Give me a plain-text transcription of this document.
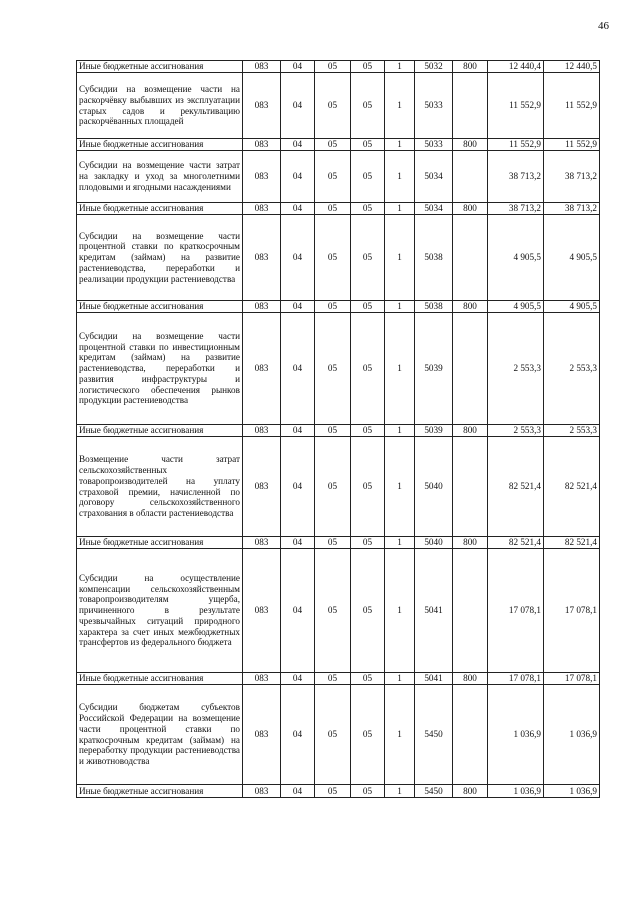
46
Иные бюджетные ассигнования	083	04	05	05	1	5032	800	12 440,4	12 440,5
Субсидии на возмещение части на раскорчёвку выбывших из эксплуатации старых садов и рекультивацию раскорчёванных площадей	083	04	05	05	1	5033		11 552,9	11 552,9
Иные бюджетные ассигнования	083	04	05	05	1	5033	800	11 552,9	11 552,9
Субсидии на возмещение части затрат на закладку и уход за многолетними плодовыми и ягодными насаждениями	083	04	05	05	1	5034		38 713,2	38 713,2
Иные бюджетные ассигнования	083	04	05	05	1	5034	800	38 713,2	38 713,2
Субсидии на возмещение части процентной ставки по краткосрочным кредитам (займам) на развитие растениеводства, переработки и реализации продукции растениеводства	083	04	05	05	1	5038		4 905,5	4 905,5
Иные бюджетные ассигнования	083	04	05	05	1	5038	800	4 905,5	4 905,5
Субсидии на возмещение части процентной ставки по инвестиционным кредитам (займам) на развитие растениеводства, переработки и развития инфраструктуры и логистического обеспечения рынков продукции растениеводства	083	04	05	05	1	5039		2 553,3	2 553,3
Иные бюджетные ассигнования	083	04	05	05	1	5039	800	2 553,3	2 553,3
Возмещение части затрат сельскохозяйственных товаропроизводителей на уплату страховой премии, начисленной по договору сельскохозяйственного страхования в области растениеводства	083	04	05	05	1	5040		82 521,4	82 521,4
Иные бюджетные ассигнования	083	04	05	05	1	5040	800	82 521,4	82 521,4
Субсидии на осуществление компенсации сельскохозяйственным товаропроизводителям ущерба, причиненного в результате чрезвычайных ситуаций природного характера за счет иных межбюджетных трансфертов из федерального бюджета	083	04	05	05	1	5041		17 078,1	17 078,1
Иные бюджетные ассигнования	083	04	05	05	1	5041	800	17 078,1	17 078,1
Субсидии бюджетам субъектов Российской Федерации на возмещение части процентной ставки по краткосрочным кредитам (займам) на переработку продукции растениеводства и животноводства	083	04	05	05	1	5450		1 036,9	1 036,9
Иные бюджетные ассигнования	083	04	05	05	1	5450	800	1 036,9	1 036,9
